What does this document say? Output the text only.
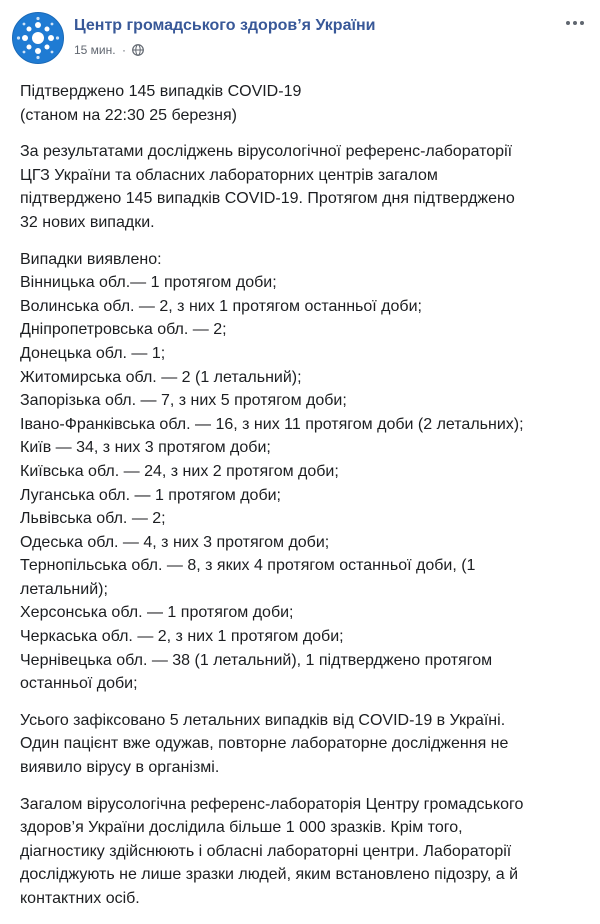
Центр громадського здоров’я України
15 мин. ·
Підтверджено 145 випадків COVID-19
(станом на 22:30 25 березня)
За результатами досліджень вірусологічної референс-лабораторії
ЦГЗ України та обласних лабораторних центрів загалом
підтверджено 145 випадків COVID-19. Протягом дня підтверджено
32 нових випадки.
Випадки виявлено:
Вінницька обл.— 1 протягом доби;
Волинська обл. — 2, з них 1 протягом останньої доби;
Дніпропетровська обл. — 2;
Донецька обл. — 1;
Житомирська обл. — 2 (1 летальний);
Запорізька обл. — 7, з них 5 протягом доби;
Івано-Франківська обл. — 16, з них 11 протягом доби (2 летальних);
Київ — 34, з них 3 протягом доби;
Київська обл. — 24, з них 2 протягом доби;
Луганська обл. — 1 протягом доби;
Львівська обл. — 2;
Одеська обл. — 4, з них 3 протягом доби;
Тернопільська обл. — 8, з яких 4 протягом останньої доби, (1
летальний);
Херсонська обл. — 1 протягом доби;
Черкаська обл. — 2, з них 1 протягом доби;
Чернівецька обл. — 38 (1 летальний), 1 підтверджено протягом
останньої доби;
Усього зафіксовано 5 летальних випадків від COVID-19 в Україні.
Один пацієнт вже одужав, повторне лабораторне дослідження не
виявило вірусу в організмі.
Загалом вірусологічна референс-лабораторія Центру громадського
здоров’я України дослідила більше 1 000 зразків. Крім того,
діагностику здійснюють і обласні лабораторні центри. Лабораторії
досліджують не лише зразки людей, яким встановлено підозру, а й
контактних осіб.
